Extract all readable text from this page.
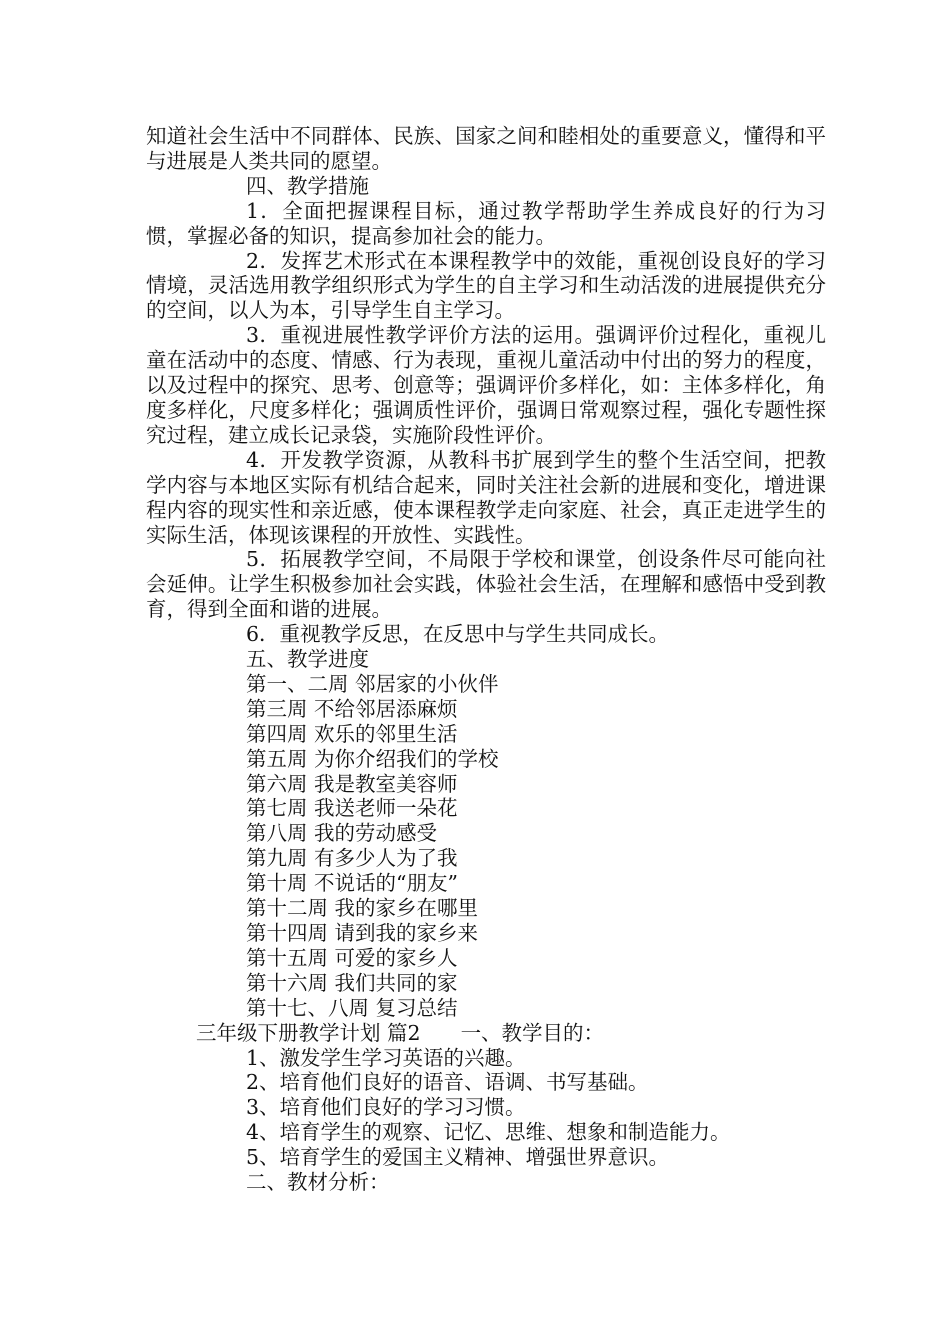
知道社会生活中不同群体、民族、国家之间和睦相处的重要意义，懂得和平与进展是人类共同的愿望。

四、教学措施

1．全面把握课程目标，通过教学帮助学生养成良好的行为习惯，掌握必备的知识，提高参加社会的能力。

2．发挥艺术形式在本课程教学中的效能，重视创设良好的学习情境，灵活选用教学组织形式为学生的自主学习和生动活泼的进展提供充分的空间，以人为本，引导学生自主学习。

3．重视进展性教学评价方法的运用。强调评价过程化，重视儿童在活动中的态度、情感、行为表现，重视儿童活动中付出的努力的程度，以及过程中的探究、思考、创意等；强调评价多样化，如：主体多样化，角度多样化，尺度多样化；强调质性评价，强调日常观察过程，强化专题性探究过程，建立成长记录袋，实施阶段性评价。

4．开发教学资源，从教科书扩展到学生的整个生活空间，把教学内容与本地区实际有机结合起来，同时关注社会新的进展和变化，增进课程内容的现实性和亲近感，使本课程教学走向家庭、社会，真正走进学生的实际生活，体现该课程的开放性、实践性。

5．拓展教学空间，不局限于学校和课堂，创设条件尽可能向社会延伸。让学生积极参加社会实践，体验社会生活，在理解和感悟中受到教育，得到全面和谐的进展。

6．重视教学反思，在反思中与学生共同成长。

五、教学进度

第一、二周 邻居家的小伙伴

第三周 不给邻居添麻烦

第四周 欢乐的邻里生活

第五周 为你介绍我们的学校

第六周 我是教室美容师

第七周 我送老师一朵花

第八周 我的劳动感受

第九周 有多少人为了我

第十周 不说话的“朋友”

第十二周 我的家乡在哪里

第十四周 请到我的家乡来

第十五周 可爱的家乡人

第十六周 我们共同的家

第十七、八周 复习总结

三年级下册教学计划 篇2 一、教学目的：

1、激发学生学习英语的兴趣。

2、培育他们良好的语音、语调、书写基础。

3、培育他们良好的学习习惯。

4、培育学生的观察、记忆、思维、想象和制造能力。

5、培育学生的爱国主义精神、增强世界意识。

二、教材分析：
